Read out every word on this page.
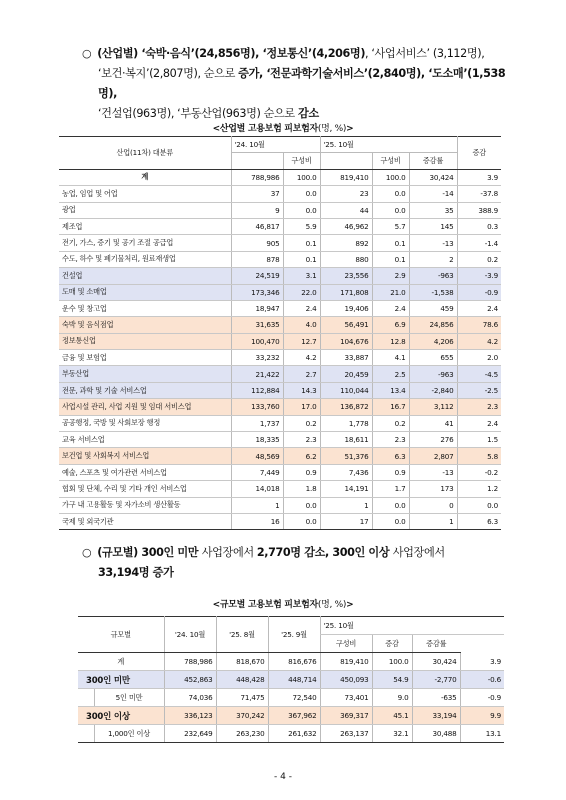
○ (산업별) ‘숙박·음식’(24,856명), ‘정보통신’(4,206명), ‘사업서비스’ (3,112명),
‘보건·복지’(2,807명), 순으로 증가, ‘전문과학기술서비스’(2,840명), ‘도소매’(1,538명),
‘건설업(963명), ‘부동산업(963명) 순으로 감소
<산업별 고용보험 피보험자(명, %)>
산업(11차) 대분류	'24. 10월		'25. 10월			증감
		구성비		구성비	증감률	
계	788,986	100.0	819,410	100.0	30,424	3.9
농업, 임업 및 어업	37	0.0	23	0.0	-14	-37.8
광업	9	0.0	44	0.0	35	388.9
제조업	46,817	5.9	46,962	5.7	145	0.3
전기, 가스, 증기 및 공기 조절 공급업	905	0.1	892	0.1	-13	-1.4
수도, 하수 및 폐기물처리, 원료재생업	878	0.1	880	0.1	2	0.2
건설업	24,519	3.1	23,556	2.9	-963	-3.9
도매 및 소매업	173,346	22.0	171,808	21.0	-1,538	-0.9
운수 및 창고업	18,947	2.4	19,406	2.4	459	2.4
숙박 및 음식점업	31,635	4.0	56,491	6.9	24,856	78.6
정보통신업	100,470	12.7	104,676	12.8	4,206	4.2
금융 및 보험업	33,232	4.2	33,887	4.1	655	2.0
부동산업	21,422	2.7	20,459	2.5	-963	-4.5
전문, 과학 및 기술 서비스업	112,884	14.3	110,044	13.4	-2,840	-2.5
사업시설 관리, 사업 지원 및 임대 서비스업	133,760	17.0	136,872	16.7	3,112	2.3
공공행정, 국방 및 사회보장 행정	1,737	0.2	1,778	0.2	41	2.4
교육 서비스업	18,335	2.3	18,611	2.3	276	1.5
보건업 및 사회복지 서비스업	48,569	6.2	51,376	6.3	2,807	5.8
예술, 스포츠 및 여가관련 서비스업	7,449	0.9	7,436	0.9	-13	-0.2
협회 및 단체, 수리 및 기타 개인 서비스업	14,018	1.8	14,191	1.7	173	1.2
가구 내 고용활동 및 자가소비 생산활동	1	0.0	1	0.0	0	0.0
국제 및 외국기관	16	0.0	17	0.0	1	6.3
○ (규모별) 300인 미만 사업장에서 2,770명 감소, 300인 이상 사업장에서
33,194명 증가
<규모별 고용보험 피보험자(명, %)>
규모별		'24. 10월	'25. 8월	'25. 9월	'25. 10월			
					구성비	증감	증감률
계		788,986	818,670	816,676	819,410	100.0	30,424	3.9
300인 미만		452,863	448,428	448,714	450,093	54.9	-2,770	-0.6
	5인 미만	74,036	71,475	72,540	73,401	9.0	-635	-0.9
300인 이상		336,123	370,242	367,962	369,317	45.1	33,194	9.9
	1,000인 이상	232,649	263,230	261,632	263,137	32.1	30,488	13.1
- 4 -
